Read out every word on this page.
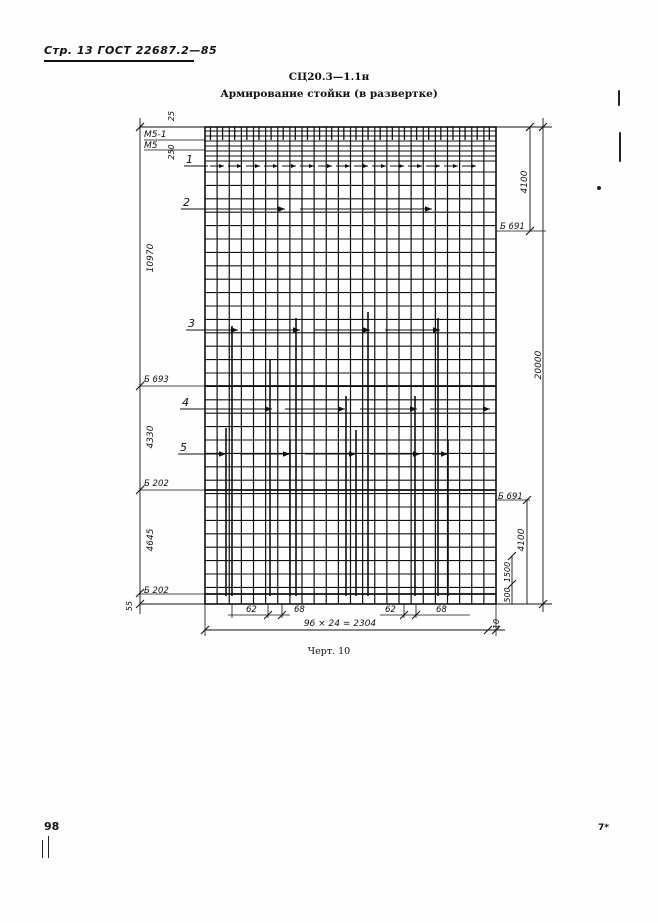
Стр. 13 ГОСТ 22687.2—85
СЦ20.3—1.1н
Армирование стойки (в развертке)
10970
4330
4645
55
25
250
М5-1
М5
Б 693
Б 202
Б 202
4100
Б 691
20000
Б 691
4100
1500
500
1
2
3
4
5
96 × 24 = 2304	10
62	68	62	68
Черт. 10
98	7*
